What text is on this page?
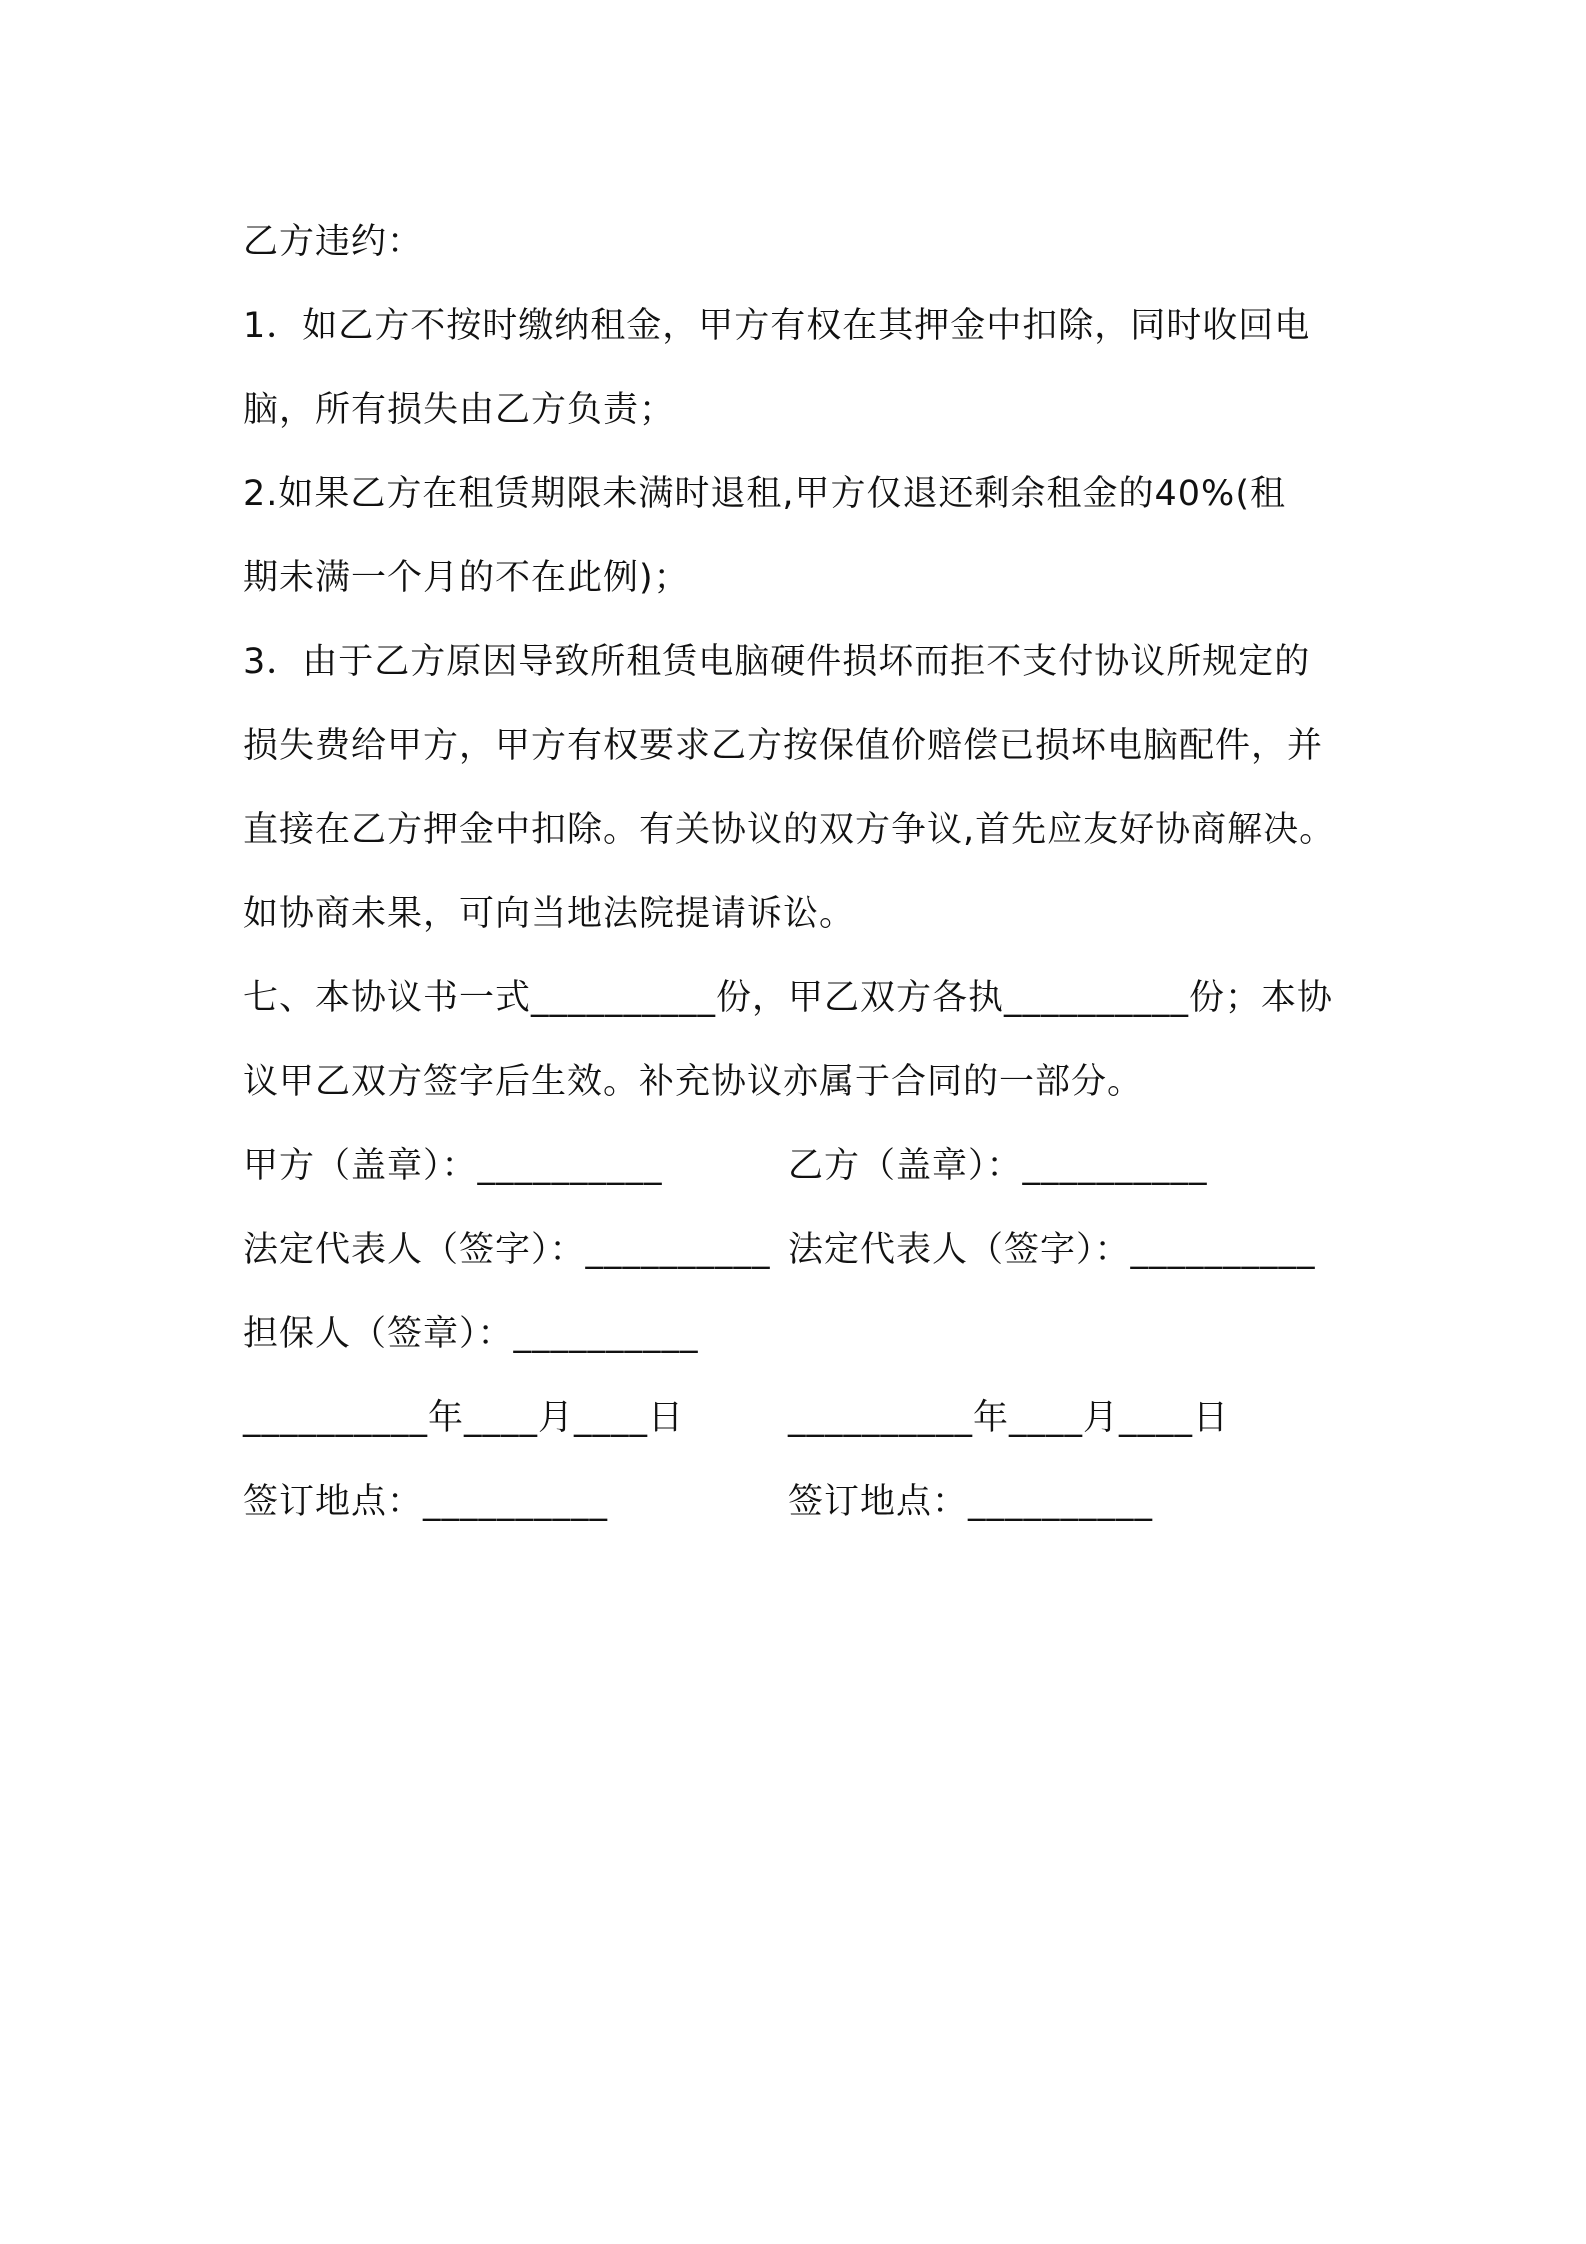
乙方违约：

1．如乙方不按时缴纳租金，甲方有权在其押金中扣除，同时收回电

脑，所有损失由乙方负责；

2.如果乙方在租赁期限未满时退租,甲方仅退还剩余租金的40%(租

期未满一个月的不在此例)；

3．由于乙方原因导致所租赁电脑硬件损坏而拒不支付协议所规定的

损失费给甲方，甲方有权要求乙方按保值价赔偿已损坏电脑配件，并

直接在乙方押金中扣除。有关协议的双方争议,首先应友好协商解决。

如协商未果，可向当地法院提请诉讼。

七、本协议书一式__________份，甲乙双方各执__________份；本协

议甲乙双方签字后生效。补充协议亦属于合同的一部分。

甲方（盖章）：__________	乙方（盖章）：__________
法定代表人（签字）：__________ 法定代表人（签字）：__________
担保人（签章）：__________
__________年____月____日	__________年____月____日
签订地点：__________	签订地点：__________
